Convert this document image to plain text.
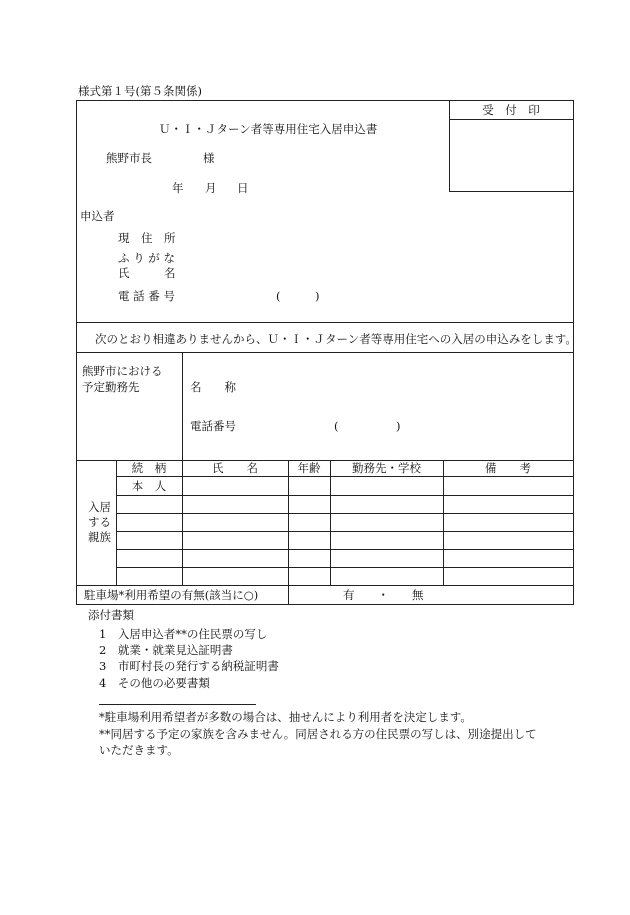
様式第１号(第５条関係)
受　付　印
Ｕ・Ｉ・Ｊターン者等専用住宅入居申込書
熊野市長	様
年 月 日
申込者
現　住　所
ふ り が な
氏　　　名
電 話 番 号	(　　　)
次のとおり相違ありませんから、Ｕ・Ｉ・Ｊターン者等専用住宅への入居の申込みをします。
熊野市における
予定勤務先	名　　称
電話番号	(　　　　　)
入居
する
親族
続　柄	氏　　名	年齢	勤務先・学校	備　　考
本　人
駐車場*利用希望の有無(該当に○)	有　　・　　無
添付書類
1　入居申込者**の住民票の写し
2　就業・就業見込証明書
3　市町村長の発行する納税証明書
4　その他の必要書類
*駐車場利用希望者が多数の場合は、抽せんにより利用者を決定します。
**同居する予定の家族を含みません。同居される方の住民票の写しは、別途提出して
いただきます。
